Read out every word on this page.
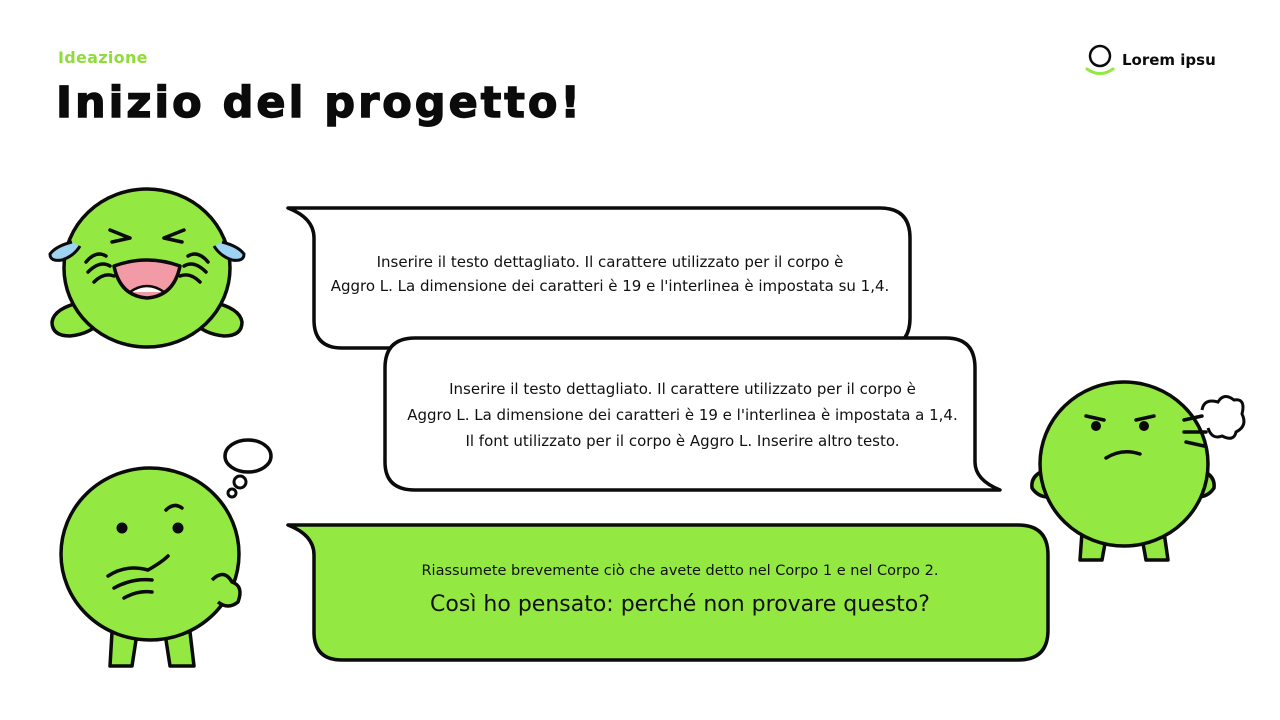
Ideazione
Inizio del progetto!
Lorem ipsu
Inserire il testo dettagliato. Il carattere utilizzato per il corpo è
Aggro L. La dimensione dei caratteri è 19 e l'interlinea è impostata su 1,4.
Inserire il testo dettagliato. Il carattere utilizzato per il corpo è
Aggro L. La dimensione dei caratteri è 19 e l'interlinea è impostata a 1,4.
Il font utilizzato per il corpo è Aggro L. Inserire altro testo.
Riassumete brevemente ciò che avete detto nel Corpo 1 e nel Corpo 2.
Così ho pensato: perché non provare questo?
